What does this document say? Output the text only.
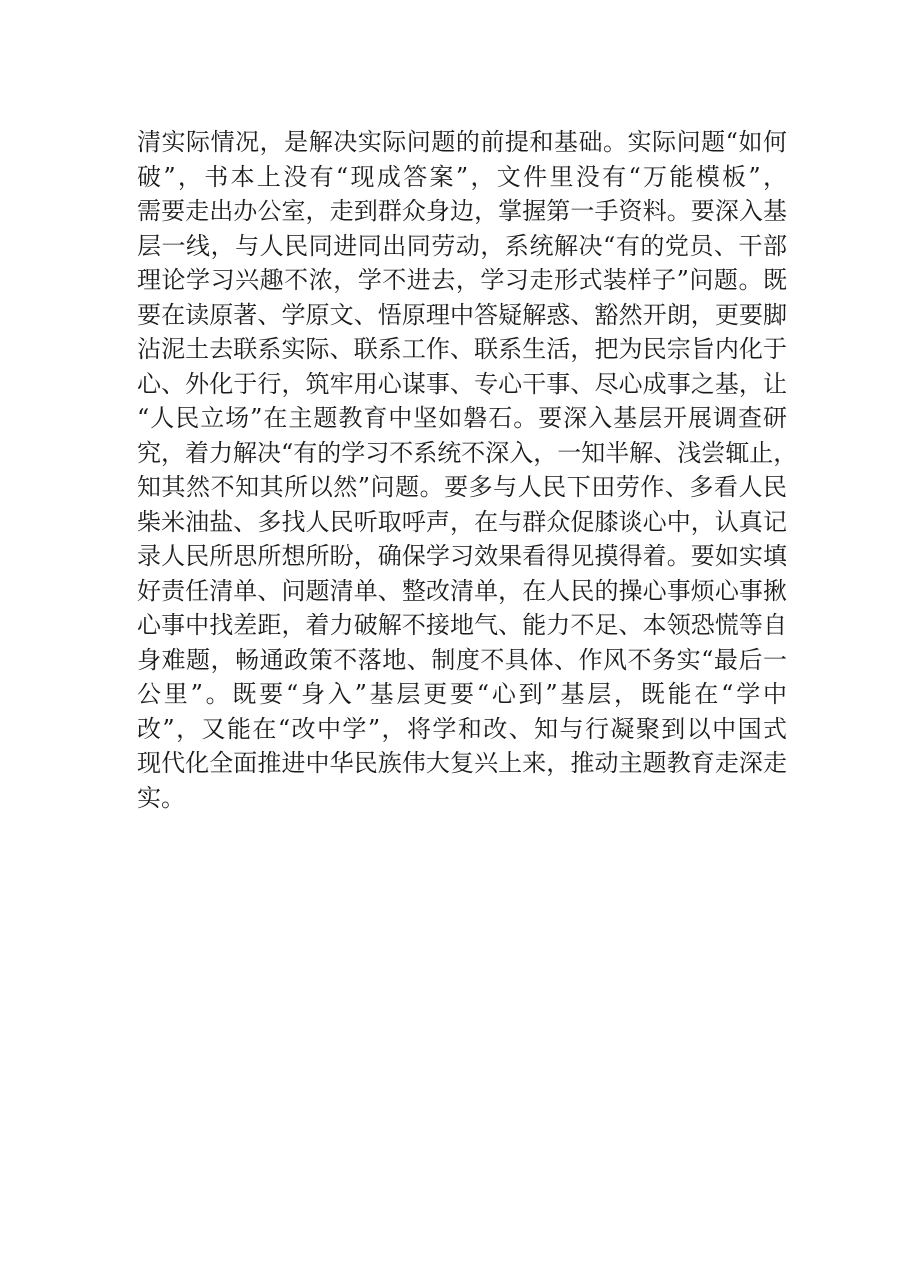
清实际情况，是解决实际问题的前提和基础。实际问题“如何
破”，书本上没有“现成答案”，文件里没有“万能模板”，
需要走出办公室，走到群众身边，掌握第一手资料。要深入基
层一线，与人民同进同出同劳动，系统解决“有的党员、干部
理论学习兴趣不浓，学不进去，学习走形式装样子”问题。既
要在读原著、学原文、悟原理中答疑解惑、豁然开朗，更要脚
沾泥土去联系实际、联系工作、联系生活，把为民宗旨内化于
心、外化于行，筑牢用心谋事、专心干事、尽心成事之基，让
“人民立场”在主题教育中坚如磐石。要深入基层开展调查研
究，着力解决“有的学习不系统不深入，一知半解、浅尝辄止，
知其然不知其所以然”问题。要多与人民下田劳作、多看人民
柴米油盐、多找人民听取呼声，在与群众促膝谈心中，认真记
录人民所思所想所盼，确保学习效果看得见摸得着。要如实填
好责任清单、问题清单、整改清单，在人民的操心事烦心事揪
心事中找差距，着力破解不接地气、能力不足、本领恐慌等自
身难题，畅通政策不落地、制度不具体、作风不务实“最后一
公里”。既要“身入”基层更要“心到”基层，既能在“学中
改”，又能在“改中学”，将学和改、知与行凝聚到以中国式
现代化全面推进中华民族伟大复兴上来，推动主题教育走深走
实。
